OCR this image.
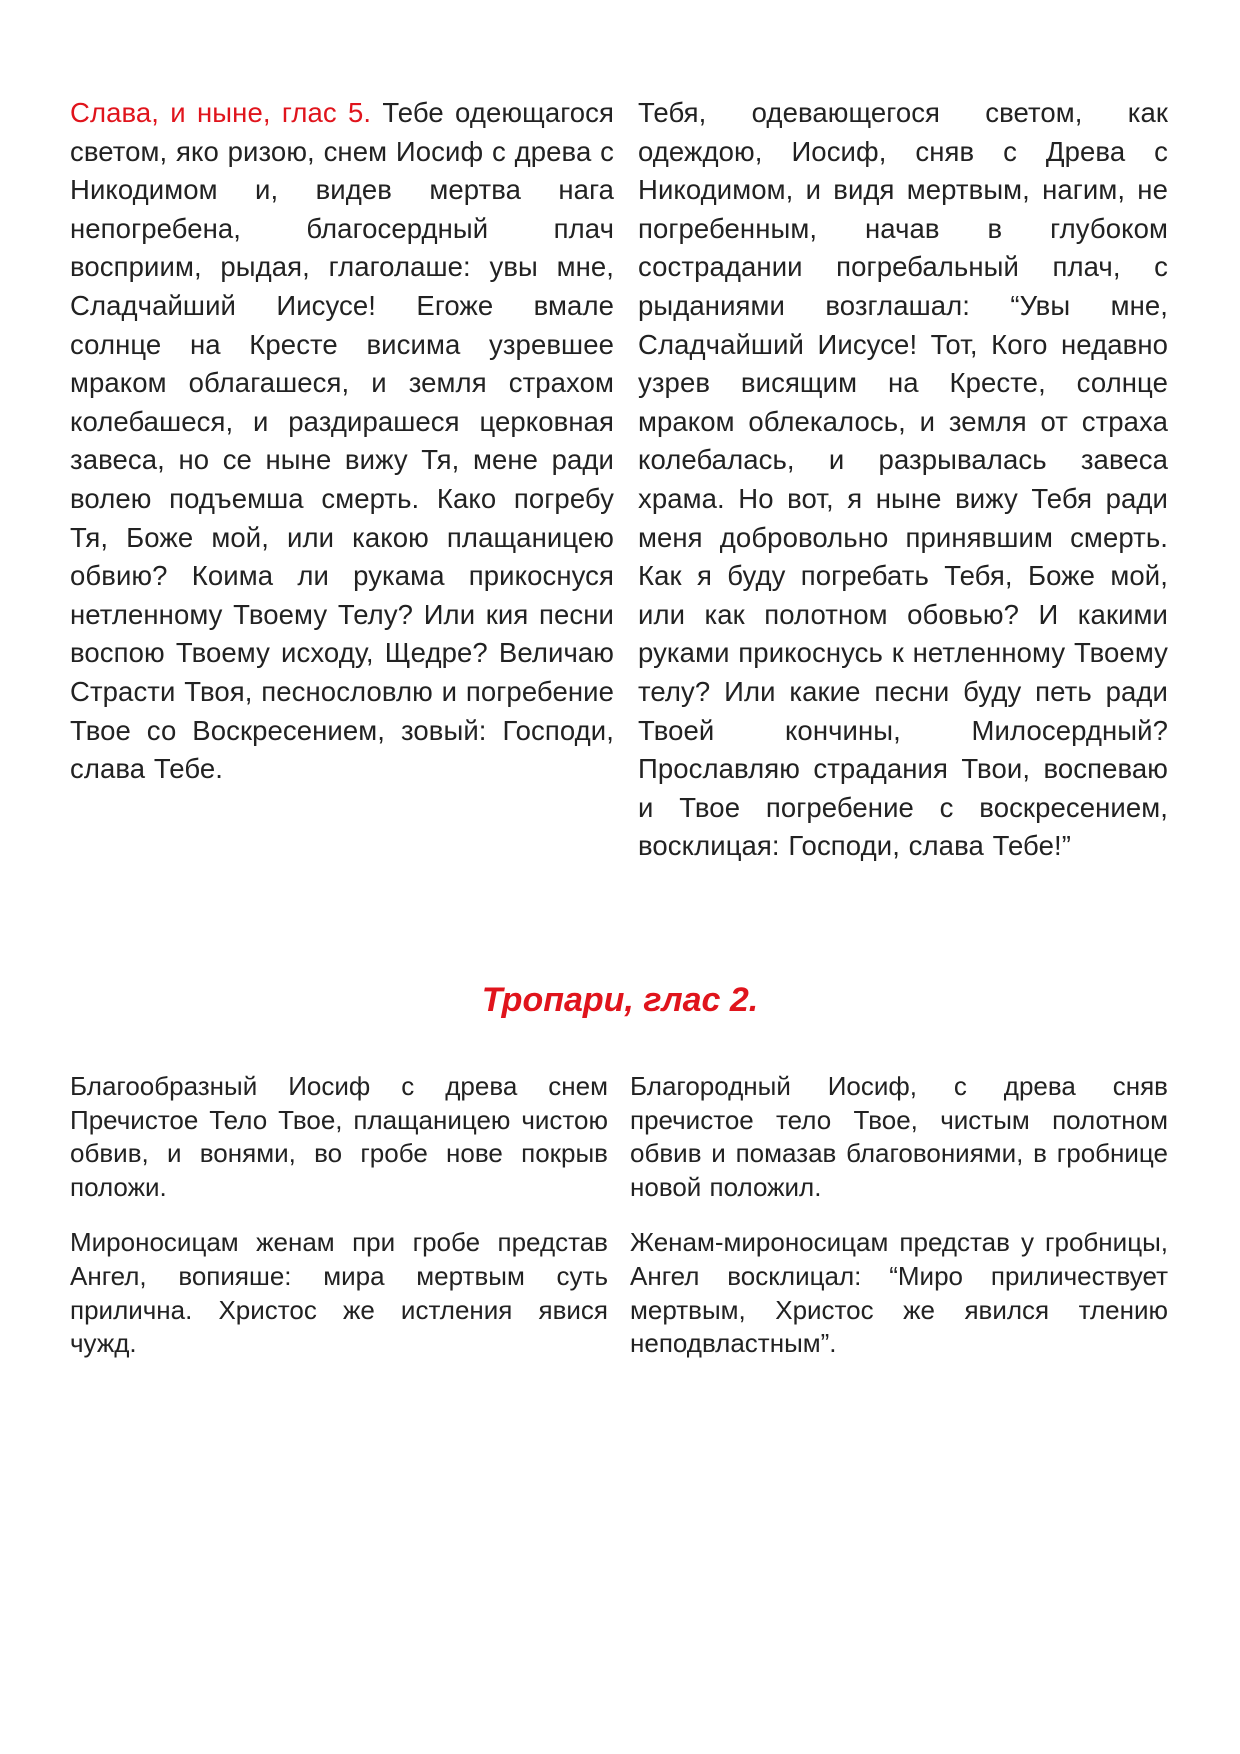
Слава, и ныне, глас 5. Тебе одеющагося светом, яко ризою, снем Иосиф с древа с Никодимом и, видев мертва нага непогребена, благосердный плач восприим, рыдая, глаголаше: увы мне, Сладчайший Иисусе! Егоже вмале солнце на Кресте висима узревшее мраком облагашеся, и земля страхом колебашеся, и раздирашеся церковная завеса, но се ныне вижу Тя, мене ради волею подъемша смерть. Како погребу Тя, Боже мой, или какою плащаницею обвию? Коима ли рукама прикоснуся нетленному Твоему Телу? Или кия песни воспою Твоему исходу, Щедре? Величаю Страсти Твоя, песнословлю и погребение Твое со Воскресением, зовый: Господи, слава Тебе.
Тебя, одевающегося светом, как одеждою, Иосиф, сняв с Древа с Никодимом, и видя мертвым, нагим, не погребенным, начав в глубоком сострадании погребальный плач, с рыданиями возглашал: “Увы мне, Сладчайший Иисусе! Тот, Кого недавно узрев висящим на Кресте, солнце мраком облекалось, и земля от страха колебалась, и разрывалась завеса храма. Но вот, я ныне вижу Тебя ради меня добровольно принявшим смерть. Как я буду погребать Тебя, Боже мой, или как полотном обовью? И какими руками прикоснусь к нетленному Твоему телу? Или какие песни буду петь ради Твоей кончины, Милосердный? Прославляю страдания Твои, воспеваю и Твое погребение с воскресением, восклицая: Господи, слава Тебе!”
Тропари, глас 2.
Благообразный Иосиф с древа снем Пречистое Тело Твое, плащаницею чистою обвив, и вонями, во гробе нове покрыв положи.
Благородный Иосиф, с древа сняв пречистое тело Твое, чистым полотном обвив и помазав благовониями, в гробнице новой положил.
Мироносицам женам при гробе представ Ангел, вопияше: мира мертвым суть прилична. Христос же истления явися чужд.
Женам-мироносицам представ у гробницы, Ангел восклицал: “Миро приличествует мертвым, Христос же явился тлению неподвластным”.
